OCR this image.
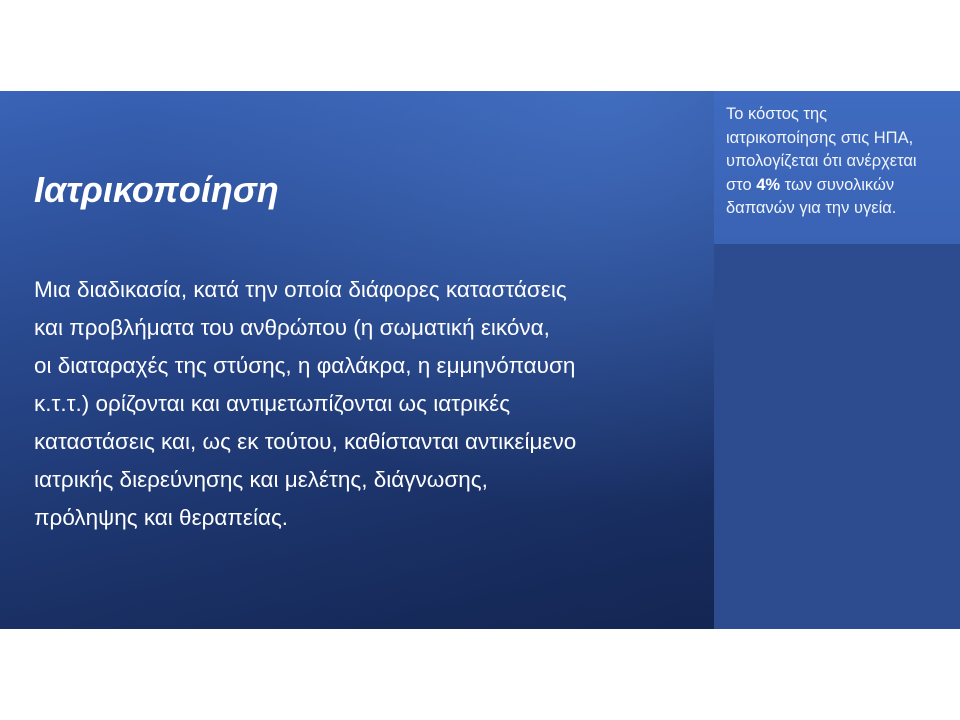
Ιατρικοποίηση
Μια διαδικασία, κατά την οποία διάφορες καταστάσεις
και προβλήματα του ανθρώπου (η σωματική εικόνα,
οι διαταραχές της στύσης, η φαλάκρα, η εμμηνόπαυση
κ.τ.τ.) ορίζονται και αντιμετωπίζονται ως ιατρικές
καταστάσεις και, ως εκ τούτου, καθίστανται αντικείμενο
ιατρικής διερεύνησης και μελέτης, διάγνωσης,
πρόληψης και θεραπείας.
Το κόστος της
ιατρικοποίησης στις ΗΠΑ,
υπολογίζεται ότι ανέρχεται
στο 4% των συνολικών
δαπανών για την υγεία.
